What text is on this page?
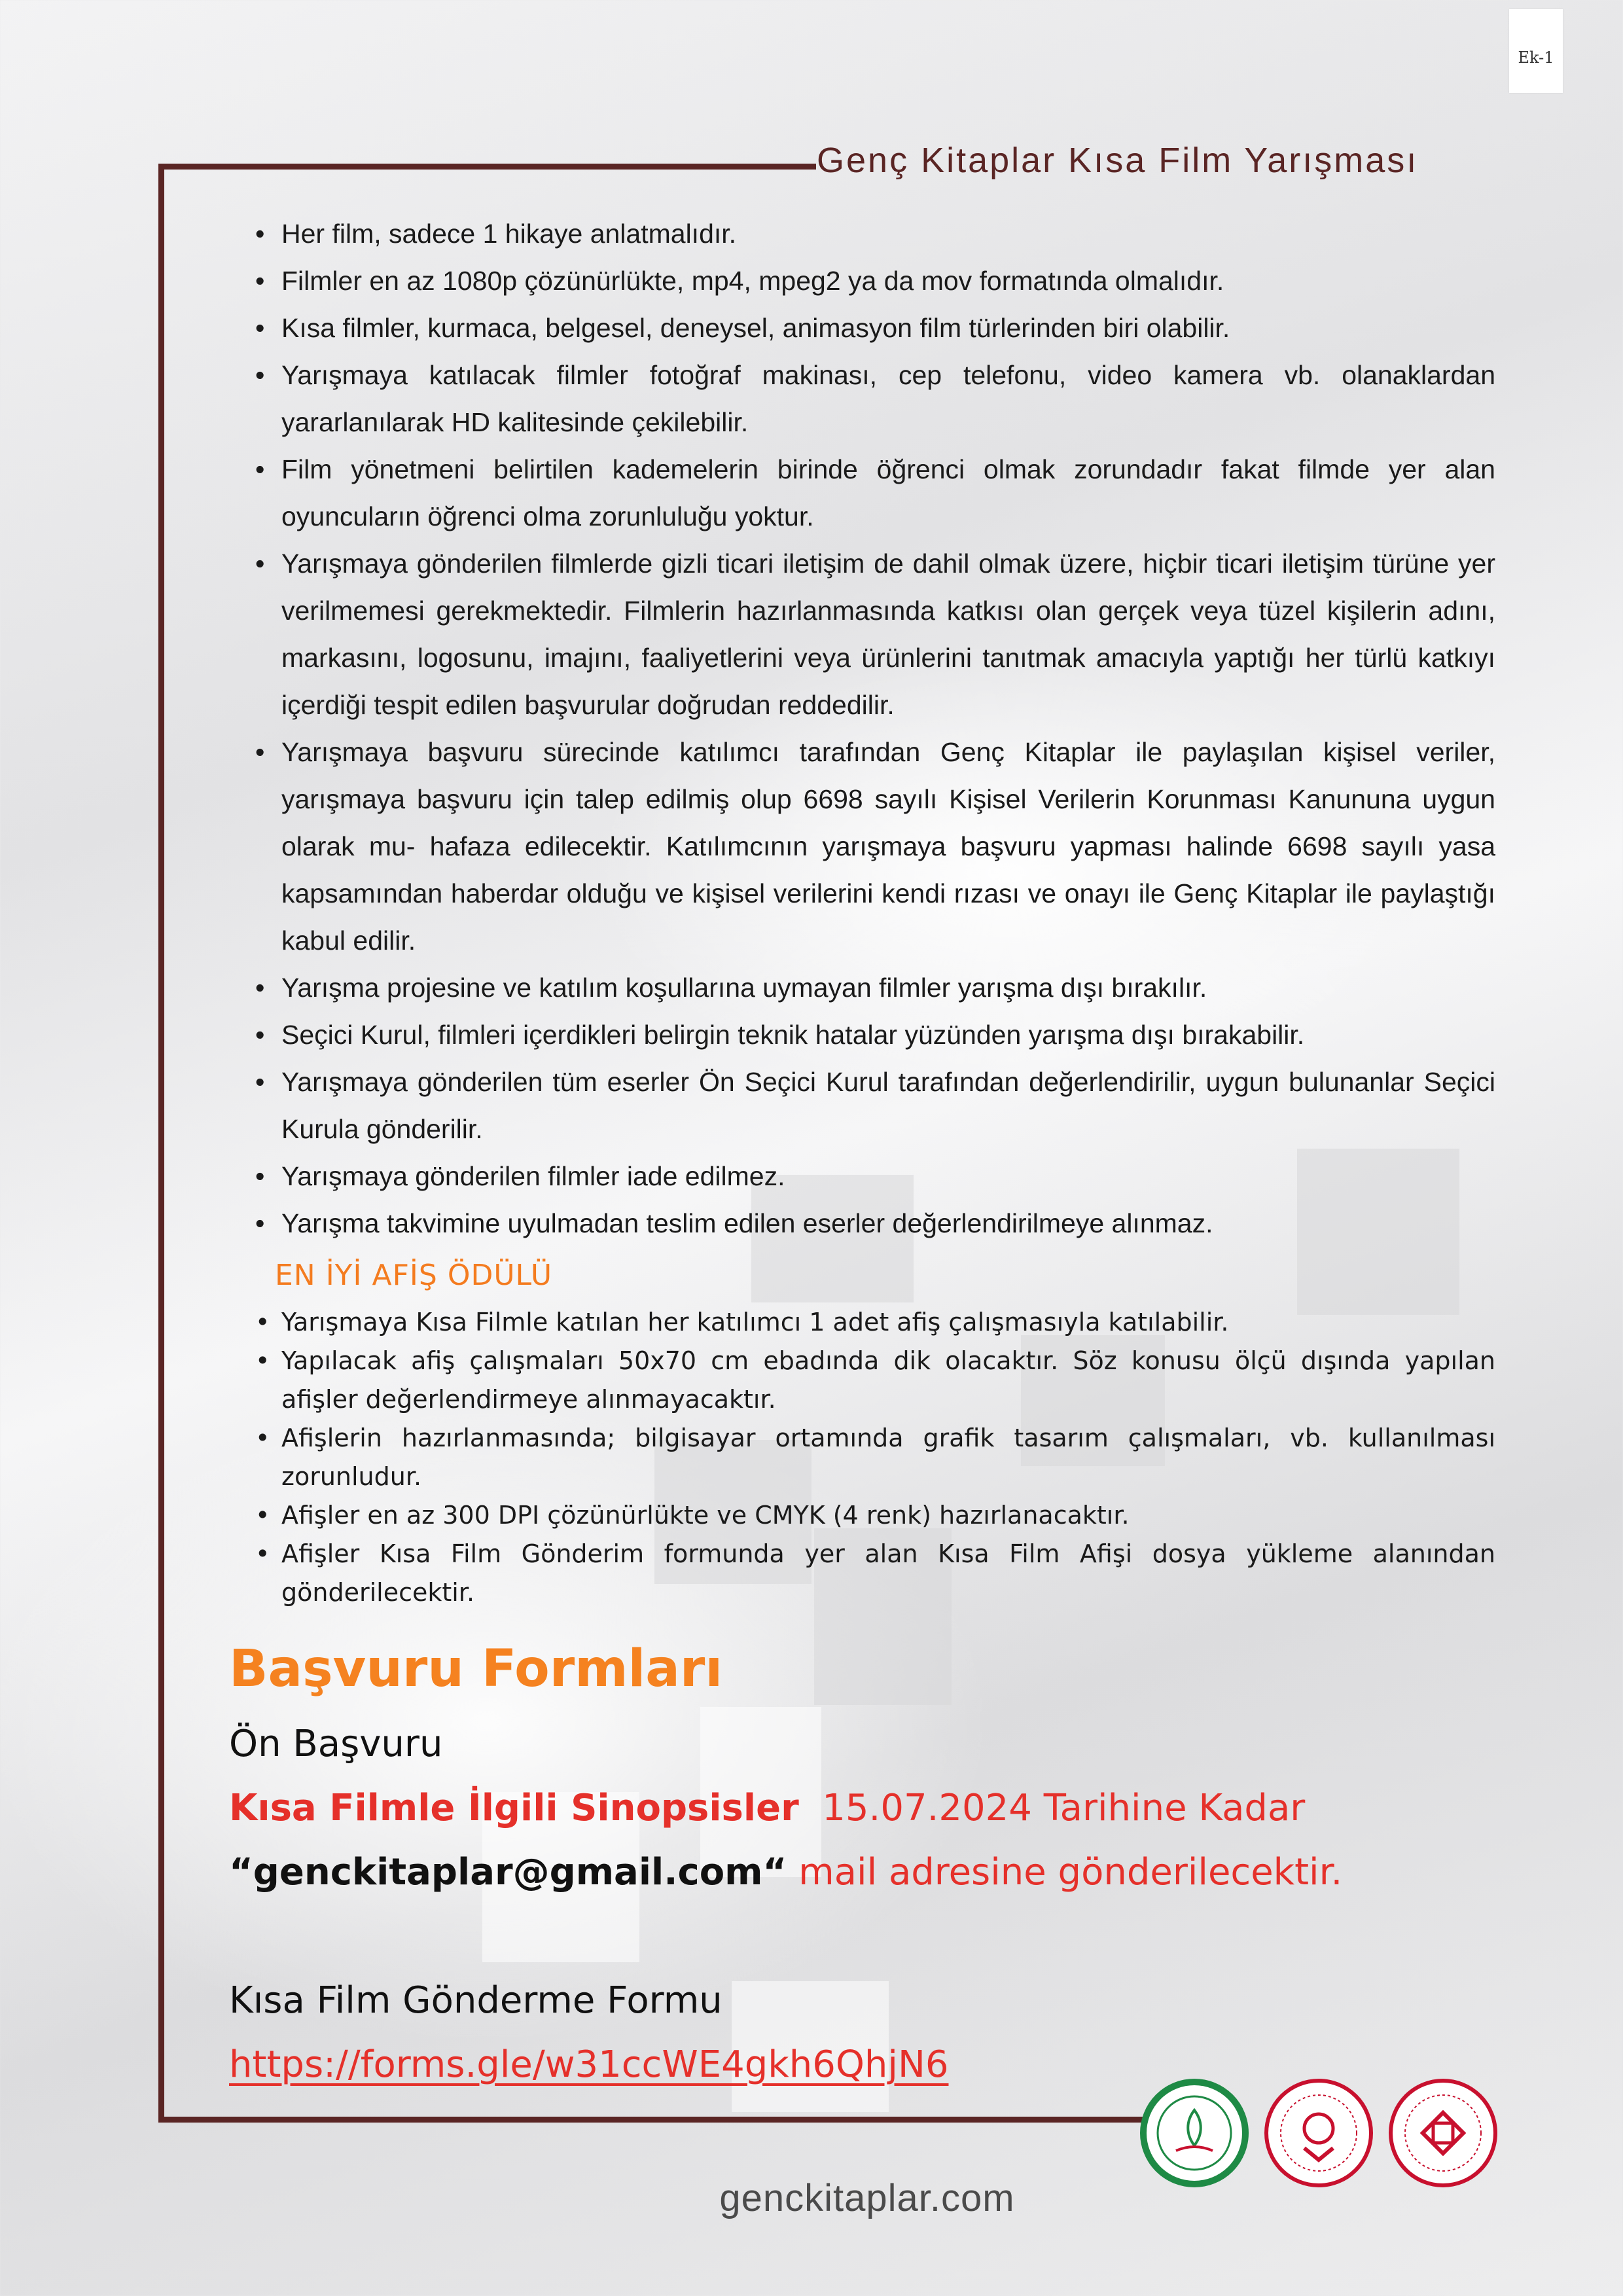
Ek-1
Genç Kitaplar Kısa Film Yarışması
• Her film, sadece 1 hikaye anlatmalıdır.
• Filmler en az 1080p çözünürlükte, mp4, mpeg2 ya da mov formatında olmalıdır.
• Kısa filmler, kurmaca, belgesel, deneysel, animasyon film türlerinden biri olabilir.
• Yarışmaya katılacak filmler fotoğraf makinası, cep telefonu, video kamera vb. olanaklardan yararlanılarak HD kalitesinde çekilebilir.
• Film yönetmeni belirtilen kademelerin birinde öğrenci olmak zorundadır fakat filmde yer alan oyuncuların öğrenci olma zorunluluğu yoktur.
• Yarışmaya gönderilen filmlerde gizli ticari iletişim de dahil olmak üzere, hiçbir ticari iletişim türüne yer verilmemesi gerekmektedir. Filmlerin hazırlanmasında katkısı olan gerçek veya tüzel kişilerin adını, markasını, logosunu, imajını, faaliyetlerini veya ürünlerini tanıtmak amacıyla yaptığı her türlü katkıyı içerdiği tespit edilen başvurular doğrudan reddedilir.
• Yarışmaya başvuru sürecinde katılımcı tarafından Genç Kitaplar ile paylaşılan kişisel veriler, yarışmaya başvuru için talep edilmiş olup 6698 sayılı Kişisel Verilerin Korunması Kanununa uygun olarak mu- hafaza edilecektir. Katılımcının yarışmaya başvuru yapması halinde 6698 sayılı yasa kapsamından haberdar olduğu ve kişisel verilerini kendi rızası ve onayı ile Genç Kitaplar ile paylaştığı kabul edilir.
• Yarışma projesine ve katılım koşullarına uymayan filmler yarışma dışı bırakılır.
• Seçici Kurul, filmleri içerdikleri belirgin teknik hatalar yüzünden yarışma dışı bırakabilir.
• Yarışmaya gönderilen tüm eserler Ön Seçici Kurul tarafından değerlendirilir, uygun bulunanlar Seçici Kurula gönderilir.
• Yarışmaya gönderilen filmler iade edilmez.
• Yarışma takvimine uyulmadan teslim edilen eserler değerlendirilmeye alınmaz.
EN İYİ AFİŞ ÖDÜLÜ
• Yarışmaya Kısa Filmle katılan her katılımcı 1 adet afiş çalışmasıyla katılabilir.
• Yapılacak afiş çalışmaları 50x70 cm ebadında dik olacaktır. Söz konusu ölçü dışında yapılan afişler değerlendirmeye alınmayacaktır.
• Afişlerin hazırlanmasında; bilgisayar ortamında grafik tasarım çalışmaları, vb. kullanılması zorunludur.
• Afişler en az 300 DPI çözünürlükte ve CMYK (4 renk) hazırlanacaktır.
• Afişler Kısa Film Gönderim formunda yer alan Kısa Film Afişi dosya yükleme alanından gönderilecektir.
Başvuru Formları
Ön Başvuru
Kısa Filmle İlgili Sinopsisler 15.07.2024 Tarihine Kadar
“genckitaplar@gmail.com“ mail adresine gönderilecektir.
Kısa Film Gönderme Formu
https://forms.gle/w31ccWE4gkh6QhjN6
genckitaplar.com
